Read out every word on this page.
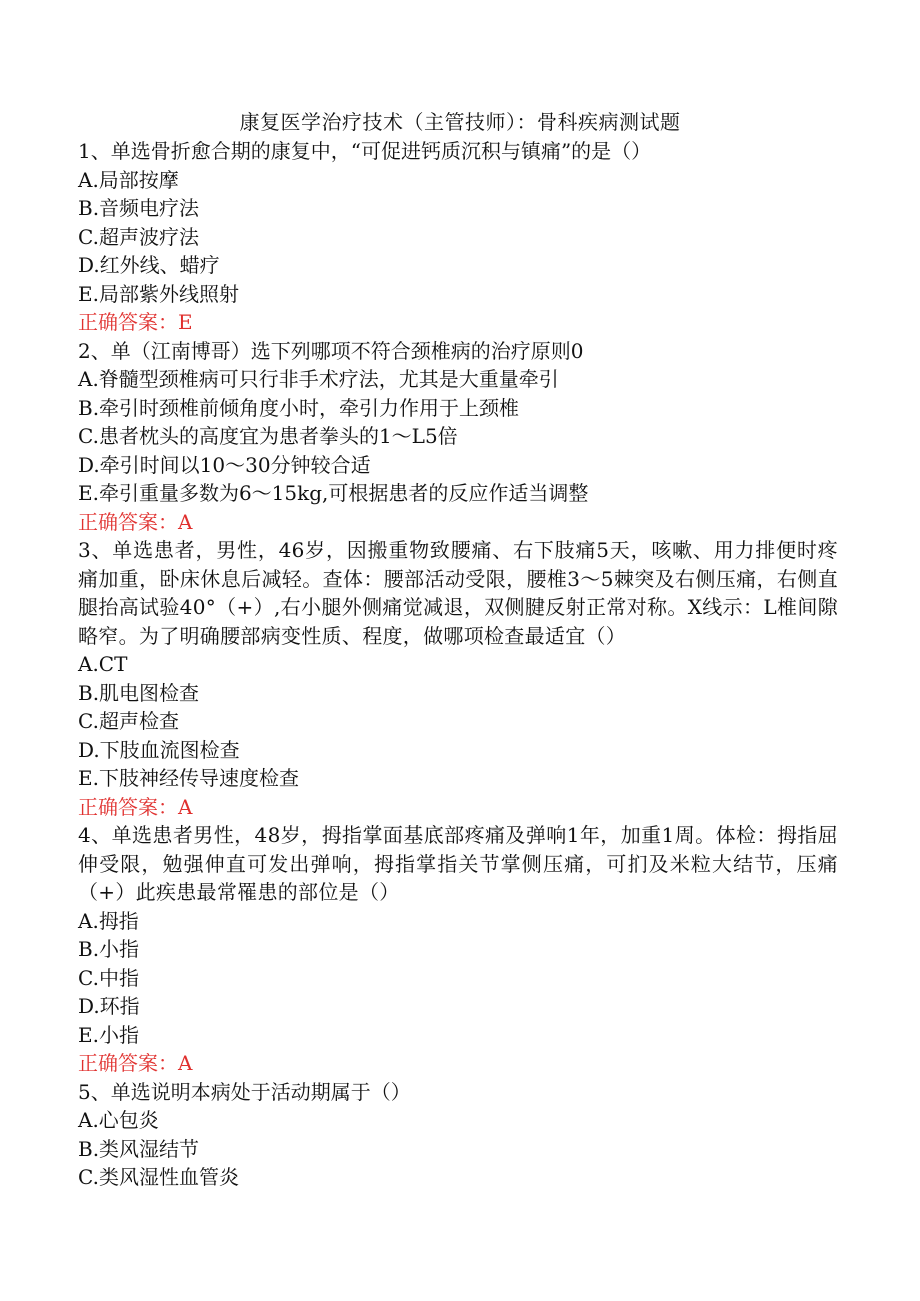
康复医学治疗技术（主管技师）：骨科疾病测试题
1、单选骨折愈合期的康复中，“可促进钙质沉积与镇痛”的是（）
A.局部按摩
B.音频电疗法
C.超声波疗法
D.红外线、蜡疗
E.局部紫外线照射
正确答案：E
2、单（江南博哥）选下列哪项不符合颈椎病的治疗原则0
A.脊髓型颈椎病可只行非手术疗法，尤其是大重量牵引
B.牵引时颈椎前倾角度小时，牵引力作用于上颈椎
C.患者枕头的高度宜为患者拳头的1～L5倍
D.牵引时间以10～30分钟较合适
E.牵引重量多数为6～15kg,可根据患者的反应作适当调整
正确答案：A
3、单选患者，男性，46岁，因搬重物致腰痛、右下肢痛5天，咳嗽、用力排便时疼痛加重，卧床休息后减轻。查体：腰部活动受限，腰椎3～5棘突及右侧压痛，右侧直腿抬高试验40°（+）,右小腿外侧痛觉减退，双侧腱反射正常对称。X线示：L椎间隙略窄。为了明确腰部病变性质、程度，做哪项检查最适宜（）
A.CT
B.肌电图检查
C.超声检查
D.下肢血流图检查
E.下肢神经传导速度检查
正确答案：A
4、单选患者男性，48岁，拇指掌面基底部疼痛及弹响1年，加重1周。体检：拇指屈伸受限，勉强伸直可发出弹响，拇指掌指关节掌侧压痛，可扪及米粒大结节，压痛（+）此疾患最常罹患的部位是（）
A.拇指
B.小指
C.中指
D.环指
E.小指
正确答案：A
5、单选说明本病处于活动期属于（）
A.心包炎
B.类风湿结节
C.类风湿性血管炎
